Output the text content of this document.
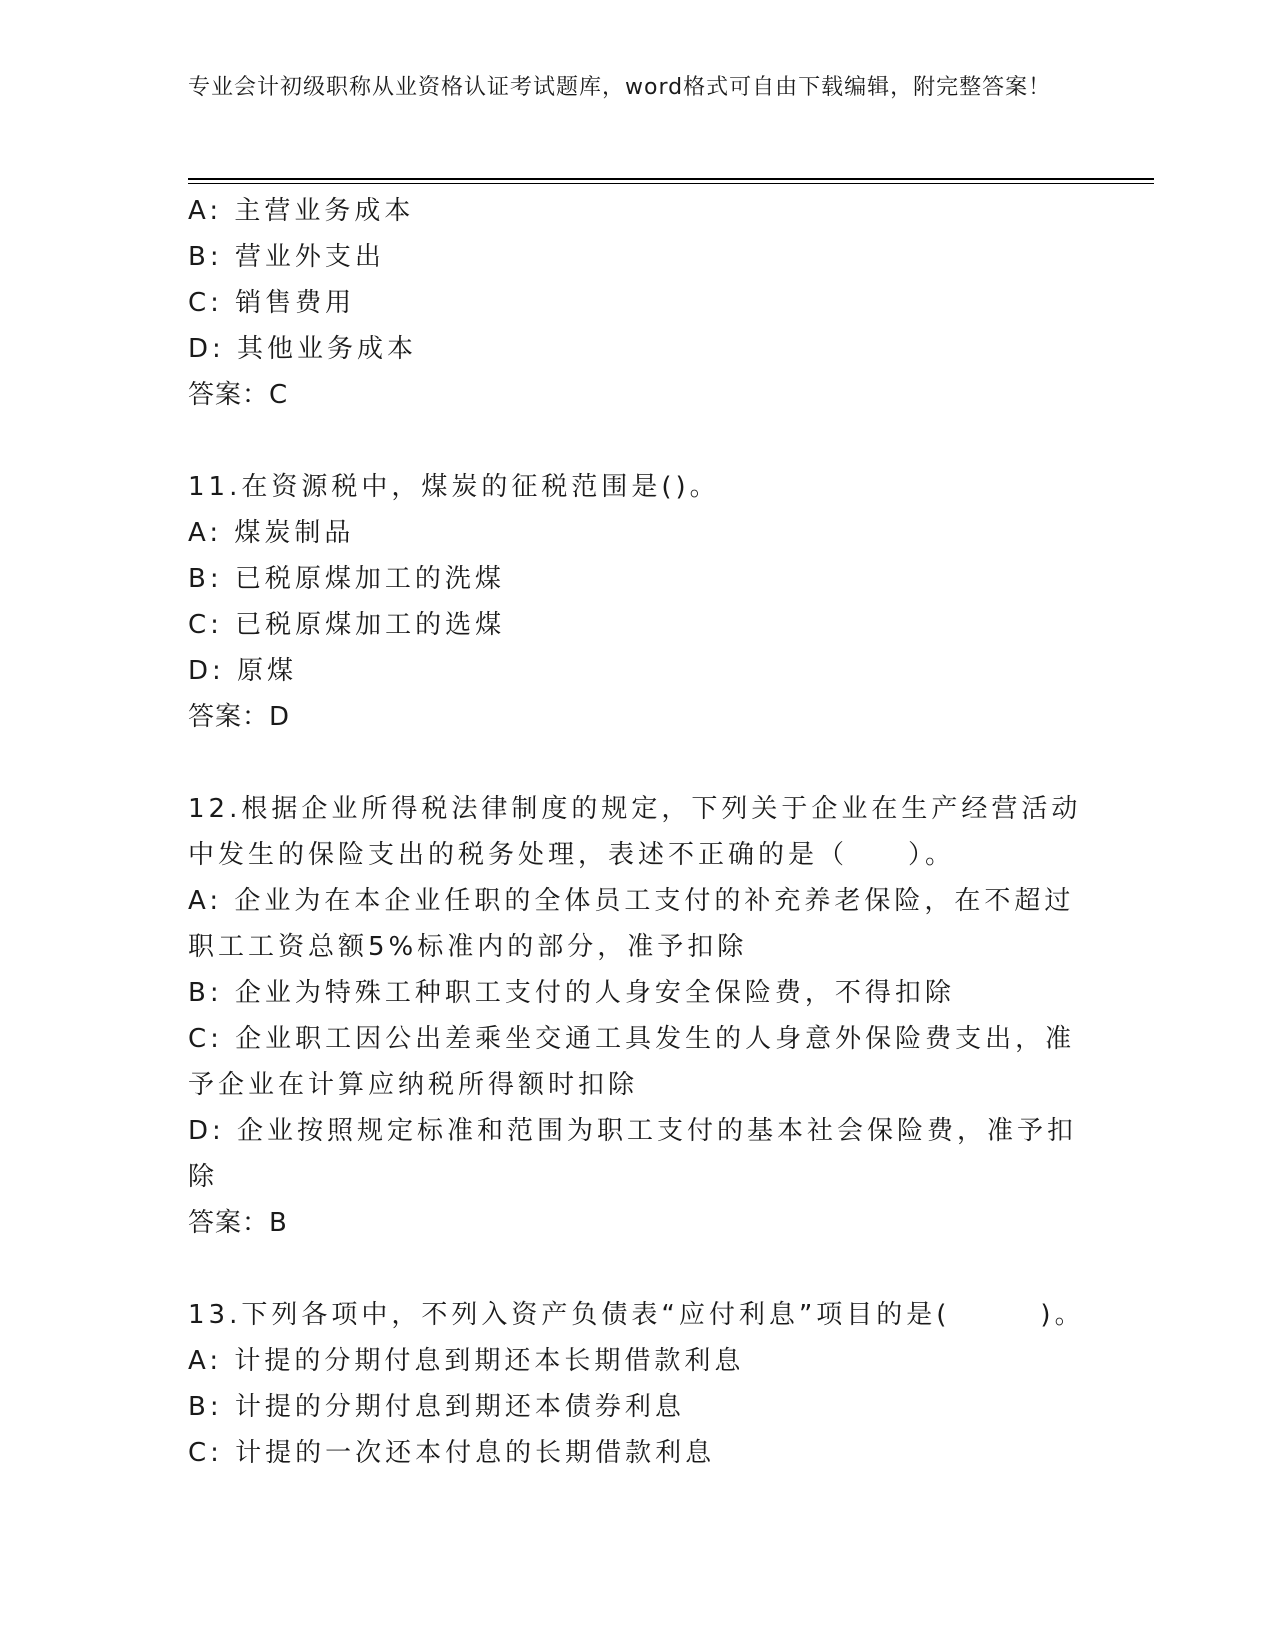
专业会计初级职称从业资格认证考试题库，word格式可自由下载编辑，附完整答案！
A: 主营业务成本
B: 营业外支出
C: 销售费用
D: 其他业务成本
答案：C
11.在资源税中，煤炭的征税范围是()。
A: 煤炭制品
B: 已税原煤加工的洗煤
C: 已税原煤加工的选煤
D: 原煤
答案：D
12.根据企业所得税法律制度的规定，下列关于企业在生产经营活动中发生的保险支出的税务处理，表述不正确的是（　　）。
A: 企业为在本企业任职的全体员工支付的补充养老保险，在不超过职工工资总额5%标准内的部分，准予扣除
B: 企业为特殊工种职工支付的人身安全保险费，不得扣除
C: 企业职工因公出差乘坐交通工具发生的人身意外保险费支出，准予企业在计算应纳税所得额时扣除
D: 企业按照规定标准和范围为职工支付的基本社会保险费，准予扣除
答案：B
13.下列各项中，不列入资产负债表“应付利息”项目的是(　　　)。
A: 计提的分期付息到期还本长期借款利息
B: 计提的分期付息到期还本债券利息
C: 计提的一次还本付息的长期借款利息
